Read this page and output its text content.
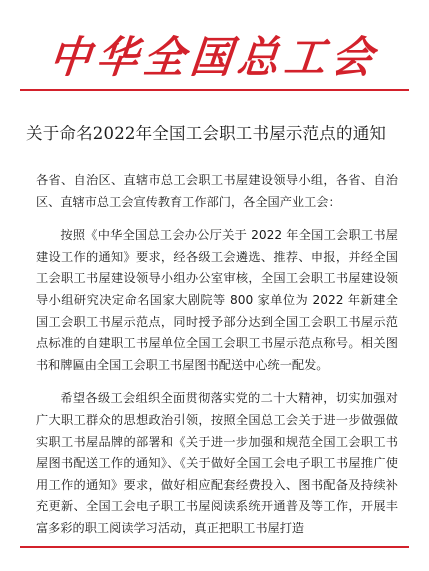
中华全国总工会
关于命名2022年全国工会职工书屋示范点的通知

各省、自治区、直辖市总工会职工书屋建设领导小组，各省、自治区、直辖市总工会宣传教育工作部门，各全国产业工会：

按照《中华全国总工会办公厅关于 2022 年全国工会职工书屋建设工作的通知》要求，经各级工会遴选、推荐、申报，并经全国工会职工书屋建设领导小组办公室审核，全国工会职工书屋建设领导小组研究决定命名国家大剧院等 800 家单位为 2022 年新建全国工会职工书屋示范点，同时授予部分达到全国工会职工书屋示范点标准的自建职工书屋单位全国工会职工书屋示范点称号。相关图书和牌匾由全国工会职工书屋图书配送中心统一配发。

希望各级工会组织全面贯彻落实党的二十大精神，切实加强对广大职工群众的思想政治引领，按照全国总工会关于进一步做强做实职工书屋品牌的部署和《关于进一步加强和规范全国工会职工书屋图书配送工作的通知》、《关于做好全国工会电子职工书屋推广使用工作的通知》要求，做好相应配套经费投入、图书配备及持续补充更新、全国工会电子职工书屋阅读系统开通普及等工作，开展丰富多彩的职工阅读学习活动，真正把职工书屋打造
